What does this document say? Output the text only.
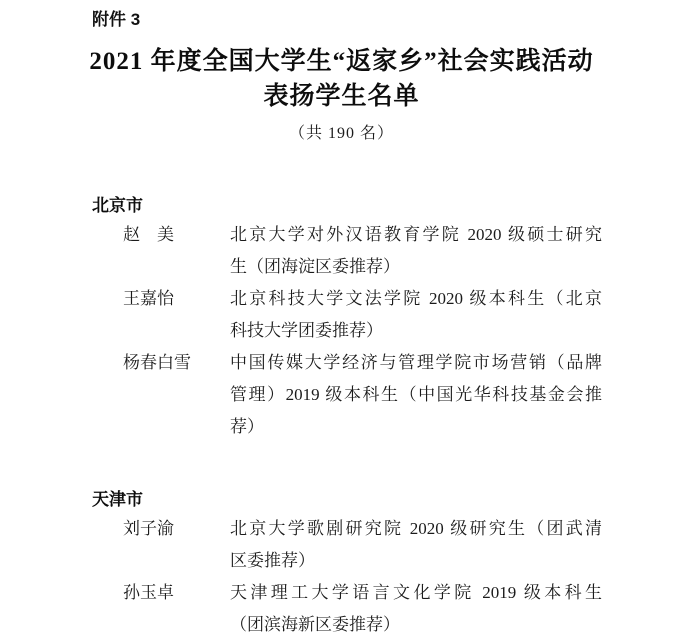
附件 3
2021 年度全国大学生“返家乡”社会实践活动
表扬学生名单
（共 190 名）
北京市
赵　美	北京大学对外汉语教育学院 2020 级硕士研究
生（团海淀区委推荐）
王嘉怡	北京科技大学文法学院 2020 级本科生（北京
科技大学团委推荐）
杨春白雪	中国传媒大学经济与管理学院市场营销（品牌
管理）2019 级本科生（中国光华科技基金会推
荐）
天津市
刘子渝	北京大学歌剧研究院 2020 级研究生（团武清
区委推荐）
孙玉卓	天津理工大学语言文化学院 2019 级本科生
（团滨海新区委推荐）
